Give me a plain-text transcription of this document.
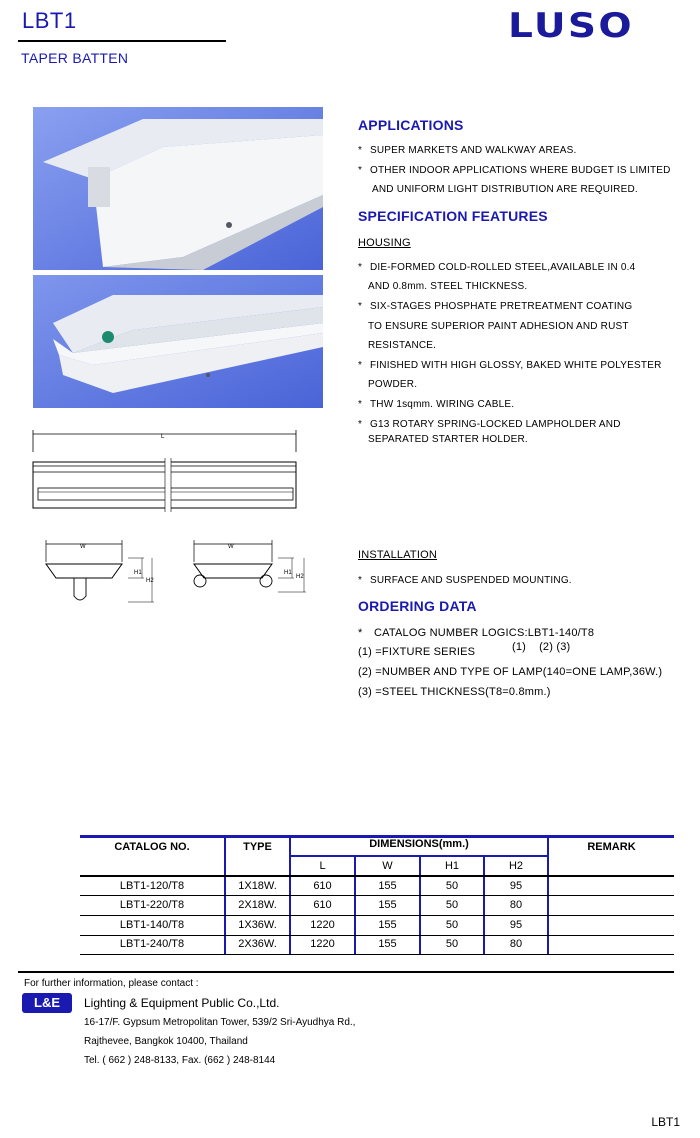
LBT1
TAPER BATTEN
LUSO
L
W
H1
H2
W
H1
H2
APPLICATIONS
* SUPER MARKETS AND WALKWAY AREAS.
* OTHER INDOOR APPLICATIONS WHERE BUDGET IS LIMITED
AND UNIFORM LIGHT DISTRIBUTION ARE REQUIRED.
SPECIFICATION FEATURES
HOUSING
* DIE-FORMED COLD-ROLLED STEEL,AVAILABLE IN 0.4
AND 0.8mm. STEEL THICKNESS.
* SIX-STAGES PHOSPHATE PRETREATMENT COATING
TO ENSURE SUPERIOR PAINT ADHESION AND RUST
RESISTANCE.
* FINISHED WITH HIGH GLOSSY, BAKED WHITE POLYESTER
POWDER.
* THW 1sqmm. WIRING CABLE.
* G13 ROTARY SPRING-LOCKED LAMPHOLDER AND
SEPARATED STARTER HOLDER.
INSTALLATION
* SURFACE AND SUSPENDED MOUNTING.
ORDERING DATA
* CATALOG NUMBER LOGICS:LBT1-140/T8
(1)    (2) (3)
(1) =FIXTURE SERIES
(2) =NUMBER AND TYPE OF LAMP(140=ONE LAMP,36W.)
(3) =STEEL THICKNESS(T8=0.8mm.)
CATALOG NO.	TYPE	DIMENSIONS(mm.)	REMARK
L	W	H1	H2
LBT1-120/T8	1X18W.	610	155	50	95
LBT1-220/T8	2X18W.	610	155	50	80
LBT1-140/T8	1X36W.	1220	155	50	95
LBT1-240/T8	2X36W.	1220	155	50	80
For further information, please contact :
L&E	Lighting & Equipment Public Co.,Ltd.
16-17/F. Gypsum Metropolitan Tower, 539/2 Sri-Ayudhya Rd.,
Rajthevee, Bangkok 10400, Thailand
Tel. ( 662 ) 248-8133, Fax. (662 ) 248-8144
LBT1
